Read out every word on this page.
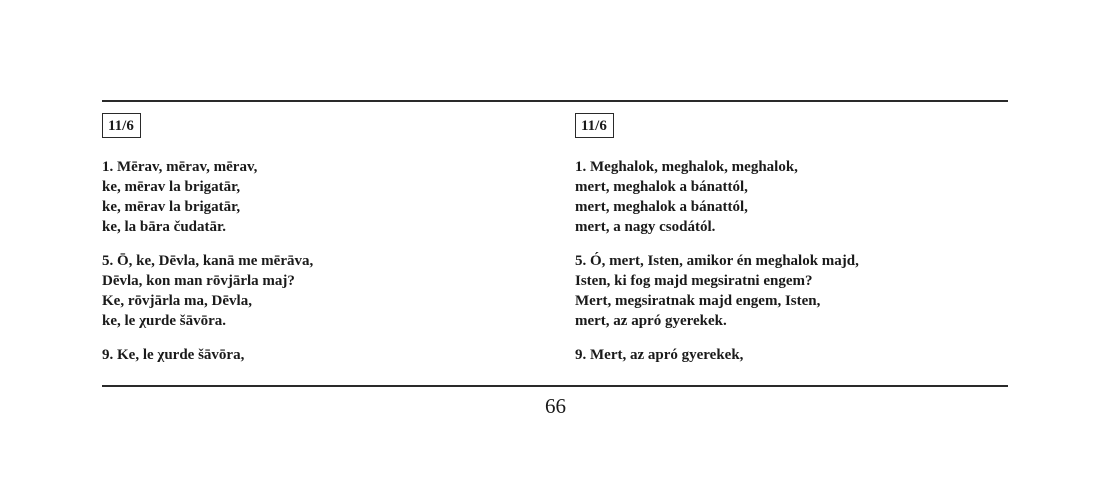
11/6
1. Mērav, mērav, mērav,
ke, mērav la brigatār,
ke, mērav la brigatār,
ke, la bāra čudatār.
5. Ō, ke, Dēvla, kanā me mērāva,
Dēvla, kon man rōvjārla maj?
Ke, rōvjārla ma, Dēvla,
ke, le χurde šāvōra.
9. Ke, le χurde šāvōra,
11/6
1. Meghalok, meghalok, meghalok,
mert, meghalok a bánattól,
mert, meghalok a bánattól,
mert, a nagy csodától.
5. Ó, mert, Isten, amikor én meghalok majd,
Isten, ki fog majd megsiratni engem?
Mert, megsiratnak majd engem, Isten,
mert, az apró gyerekek.
9. Mert, az apró gyerekek,
66
